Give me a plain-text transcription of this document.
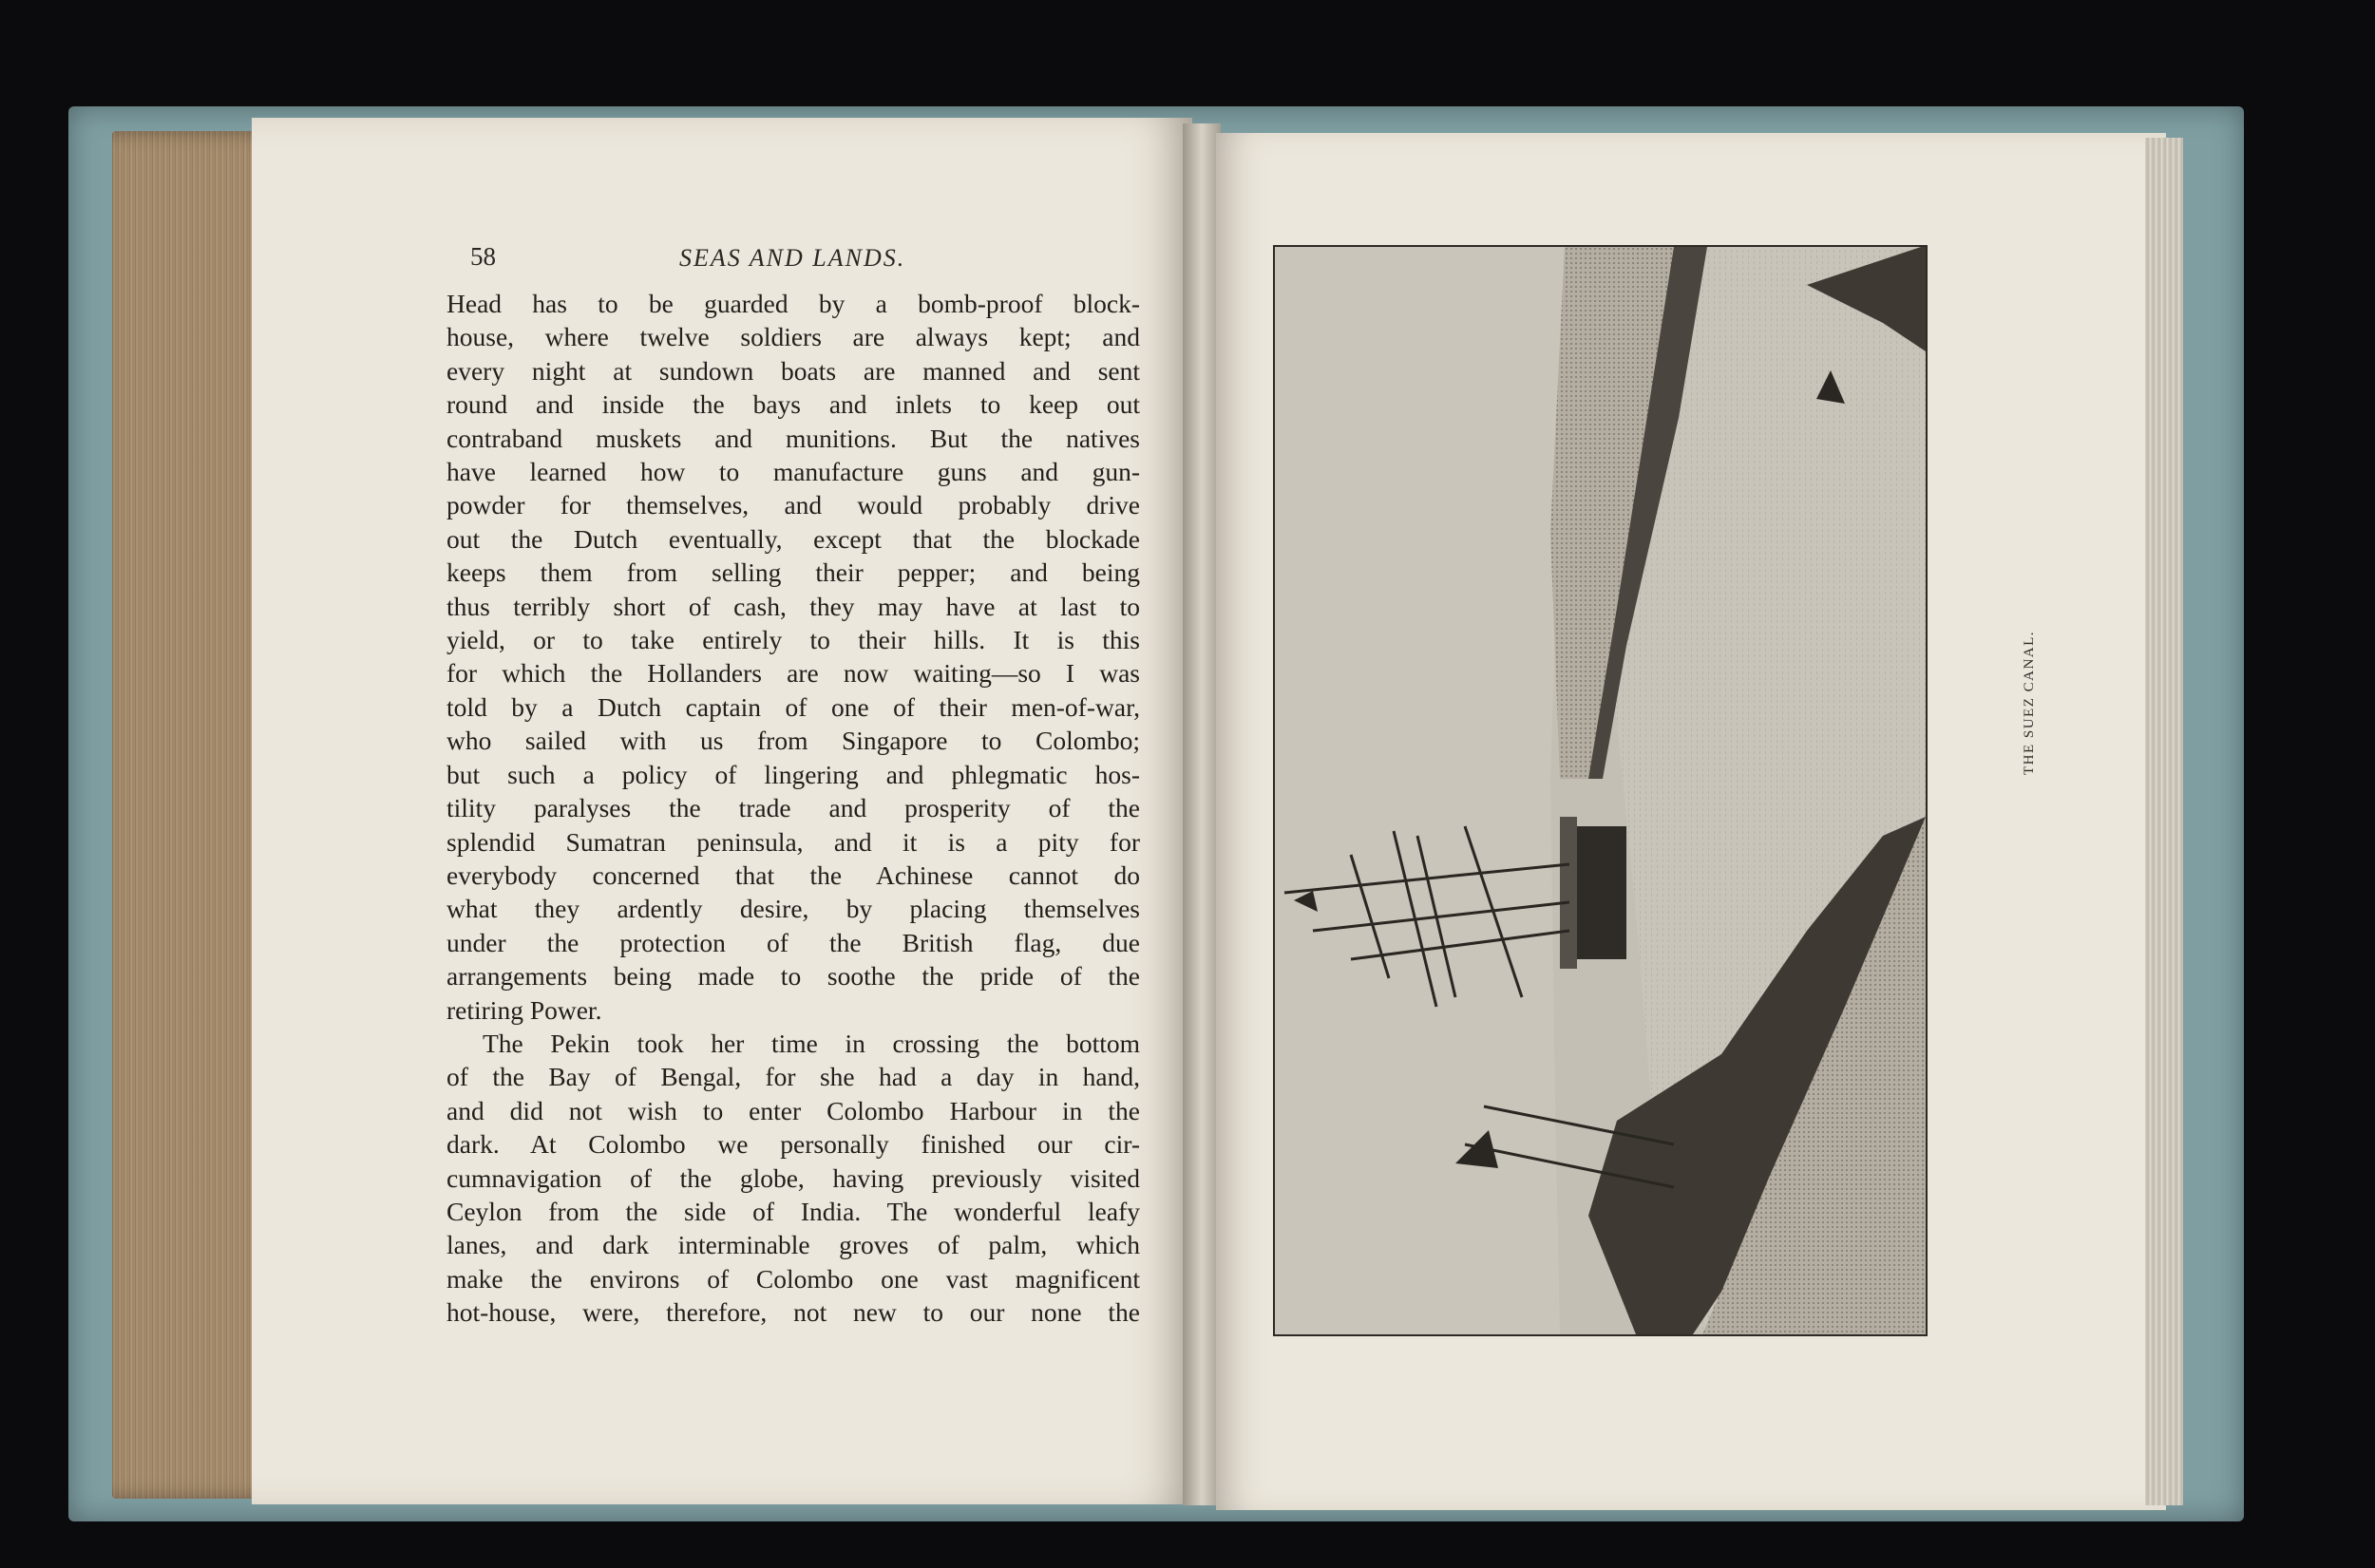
58	SEAS AND LANDS.
Head has to be guarded by a bomb-proof block-
house, where twelve soldiers are always kept; and
every night at sundown boats are manned and sent
round and inside the bays and inlets to keep out
contraband muskets and munitions. But the natives
have learned how to manufacture guns and gun-
powder for themselves, and would probably drive
out the Dutch eventually, except that the blockade
keeps them from selling their pepper; and being
thus terribly short of cash, they may have at last to
yield, or to take entirely to their hills. It is this
for which the Hollanders are now waiting—so I was
told by a Dutch captain of one of their men-of-war,
who sailed with us from Singapore to Colombo;
but such a policy of lingering and phlegmatic hos-
tility paralyses the trade and prosperity of the
splendid Sumatran peninsula, and it is a pity for
everybody concerned that the Achinese cannot do
what they ardently desire, by placing themselves
under the protection of the British flag, due
arrangements being made to soothe the pride of the
retiring Power.
The Pekin took her time in crossing the bottom
of the Bay of Bengal, for she had a day in hand,
and did not wish to enter Colombo Harbour in the
dark. At Colombo we personally finished our cir-
cumnavigation of the globe, having previously visited
Ceylon from the side of India. The wonderful leafy
lanes, and dark interminable groves of palm, which
make the environs of Colombo one vast magnificent
hot-house, were, therefore, not new to our none the
THE SUEZ CANAL.
